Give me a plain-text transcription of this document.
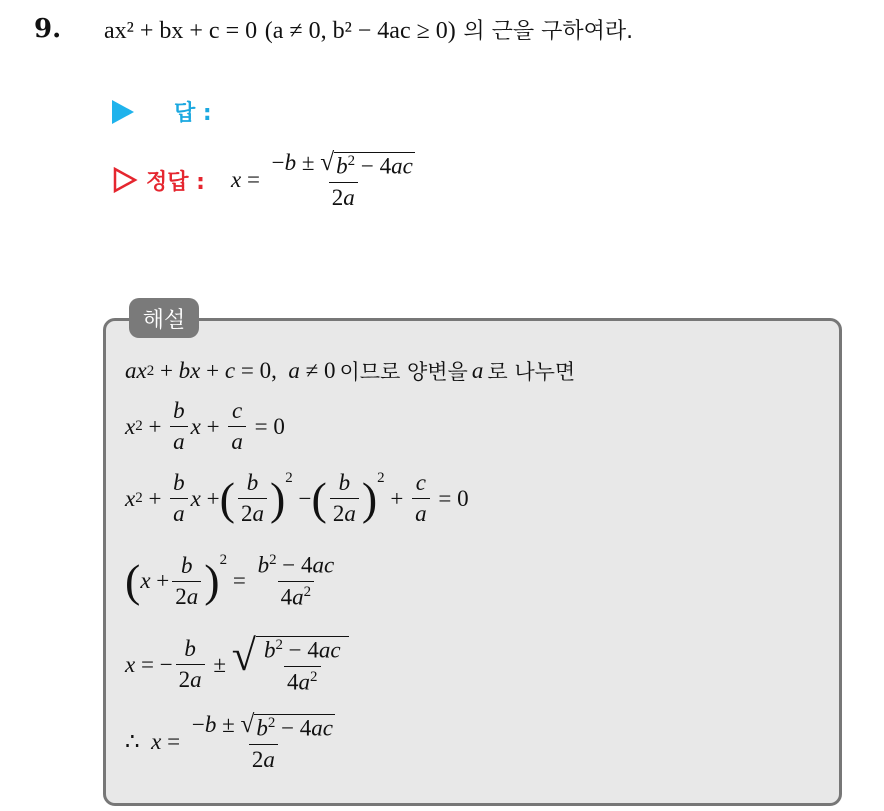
9. ax² + bx + c = 0 (a ≠ 0, b² − 4ac ≥ 0) 의 근을 구하여라.
답 :
정답 : $x = \frac{-b \pm √ b^2 - 4ac}{2a}$
해설
ax 2 + bx + c = 0, a ≠ 0 이므로 양변을 a 로 나누면
x $2 + \frac{b}{a}$ $x + \frac{c}{a} = 0$
x $2 + \frac{b}{a}$ x + ( $\frac{b}{2a} )^2$
− ( $\frac{b}{2a} )^2$
+ $\frac{c}{a} = 0$
( $x + \frac{b}{2a} )^2$
= $\frac{b^2 - 4ac}{4a^2}$
x = − $\frac{b}{2a}$ ± √ $\frac{b^2 - 4ac}{4a^2}$
∴ $x = \frac{-b \pm √ b^2 - 4ac}{2a}$
